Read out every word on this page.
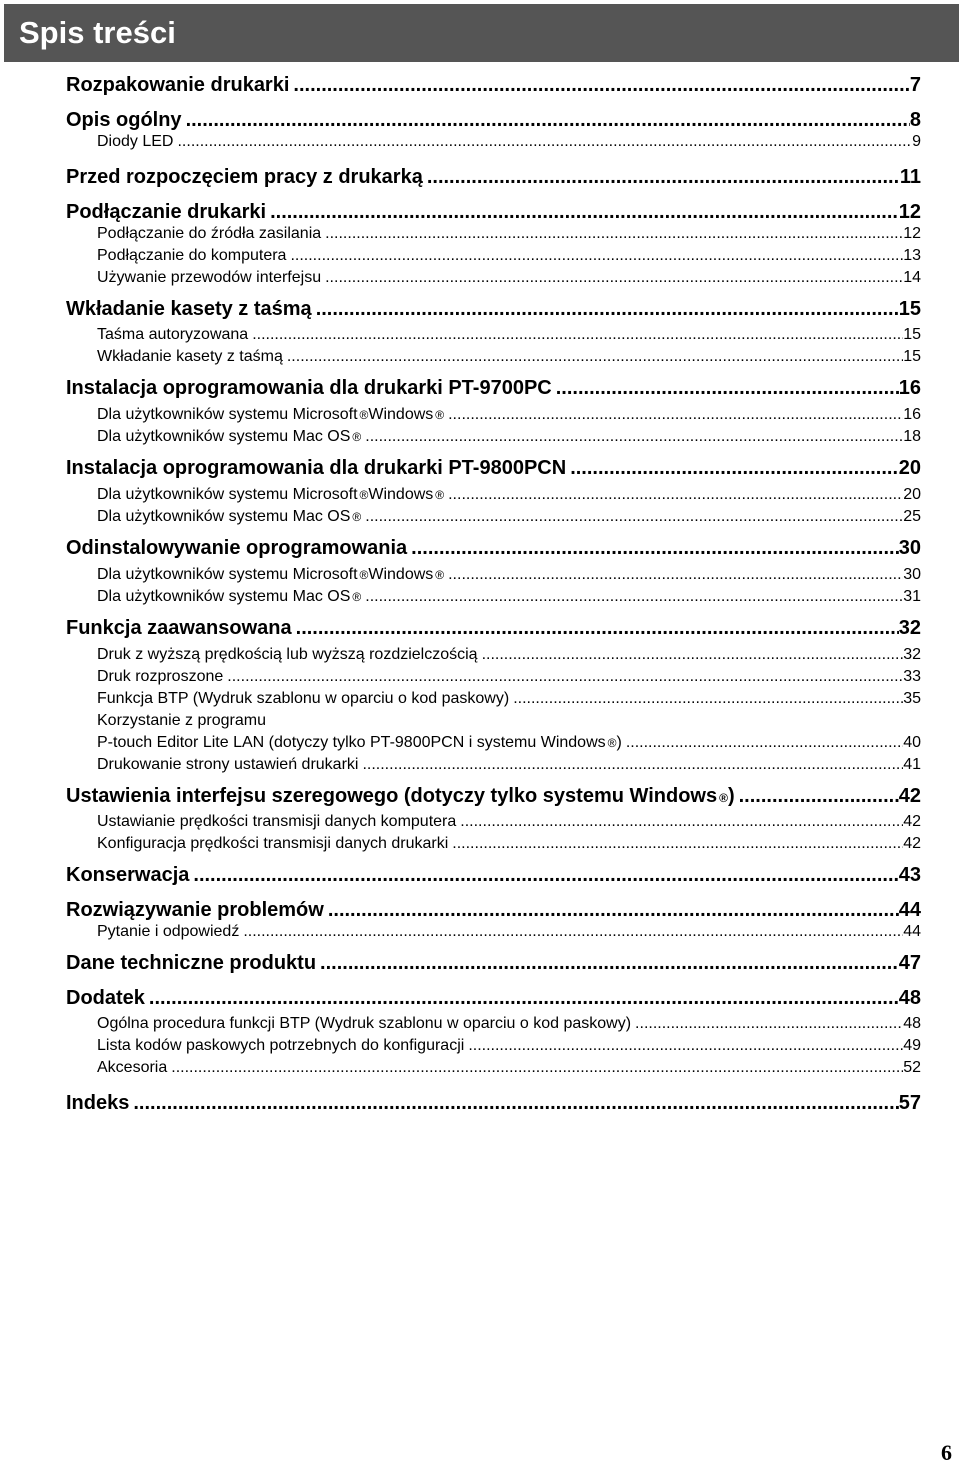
Spis treści
Rozpakowanie drukarki .....	7
Opis ogólny .....	8
Diody LED .....	9
Przed rozpoczęciem pracy z drukarką .....	11
Podłączanie drukarki .....	12
Podłączanie do źródła zasilania .....	12
Podłączanie do komputera .....	13
Używanie przewodów interfejsu .....	14
Wkładanie kasety z taśmą .....	15
Taśma autoryzowana .....	15
Wkładanie kasety z taśmą .....	15
Instalacja oprogramowania dla drukarki PT-9700PC .....	16
Dla użytkowników systemu Microsoft ® Windows ® .....	16
Dla użytkowników systemu Mac OS ® .....	18
Instalacja oprogramowania dla drukarki PT-9800PCN .....	20
Dla użytkowników systemu Microsoft ® Windows ® .....	20
Dla użytkowników systemu Mac OS ® .....	25
Odinstalowywanie oprogramowania .....	30
Dla użytkowników systemu Microsoft ® Windows ® .....	30
Dla użytkowników systemu Mac OS ® .....	31
Funkcja zaawansowana .....	32
Druk z wyższą prędkością lub wyższą rozdzielczością .....	32
Druk rozproszone .....	33
Funkcja BTP (Wydruk szablonu w oparciu o kod paskowy) .....	35
Korzystanie z programu
P-touch Editor Lite LAN (dotyczy tylko PT-9800PCN i systemu Windows ® ) .....	40
Drukowanie strony ustawień drukarki .....	41
Ustawienia interfejsu szeregowego (dotyczy tylko systemu Windows ® ) .....	42
Ustawianie prędkości transmisji danych komputera .....	42
Konfiguracja prędkości transmisji danych drukarki .....	42
Konserwacja .....	43
Rozwiązywanie problemów .....	44
Pytanie i odpowiedź .....	44
Dane techniczne produktu .....	47
Dodatek .....	48
Ogólna procedura funkcji BTP (Wydruk szablonu w oparciu o kod paskowy) .....	48
Lista kodów paskowych potrzebnych do konfiguracji .....	49
Akcesoria .....	52
Indeks .....	57
6
